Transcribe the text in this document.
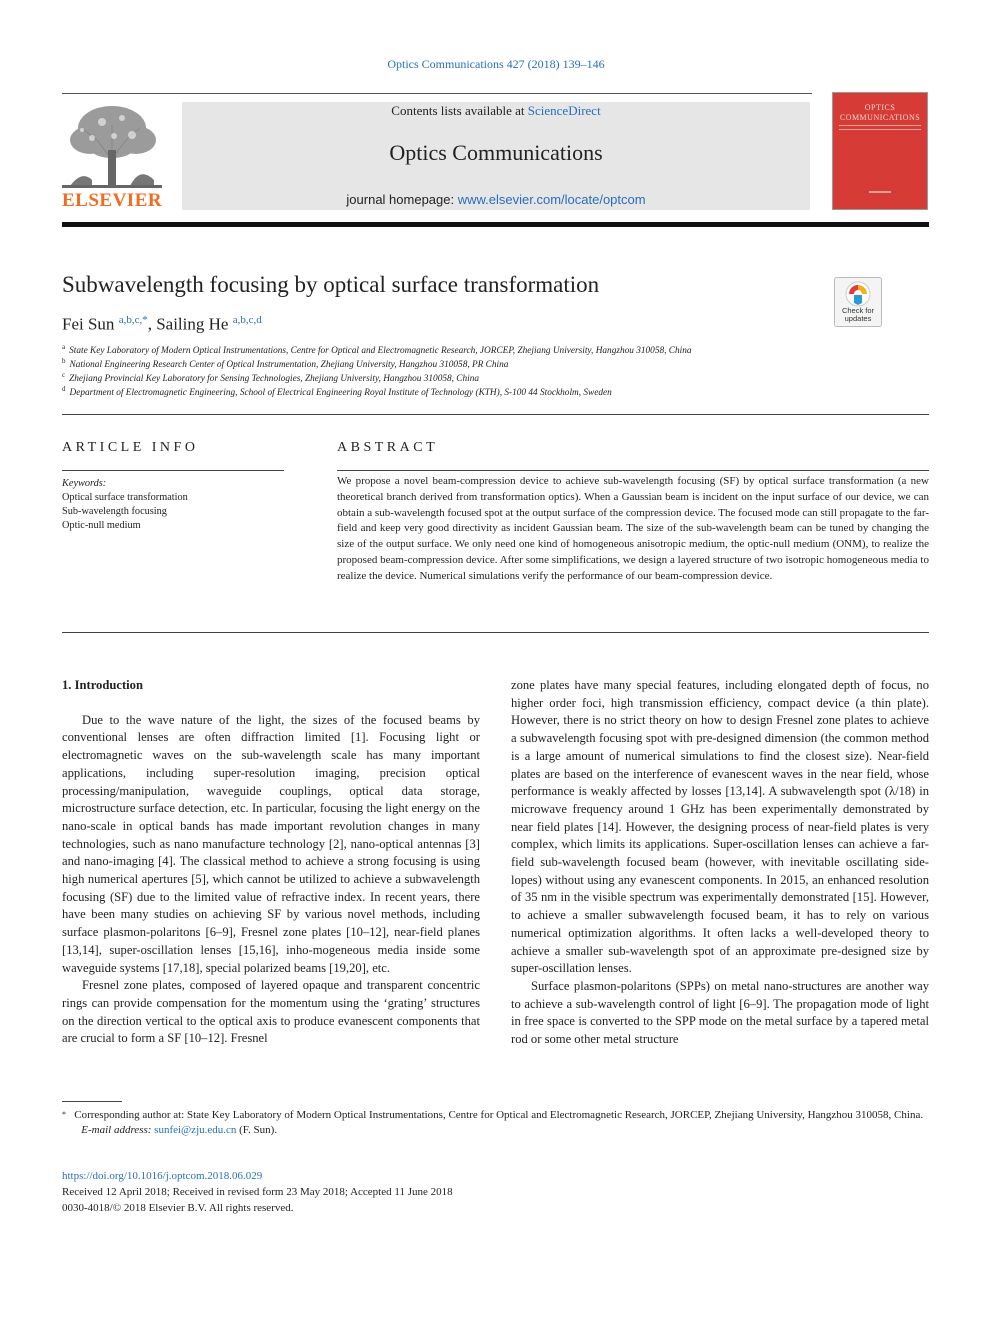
Optics Communications 427 (2018) 139–146
ELSEVIER
Contents lists available at ScienceDirect
Optics Communications
journal homepage: www.elsevier.com/locate/optcom
OPTICS COMMUNICATIONS
Subwavelength focusing by optical surface transformation
Check for updates
Fei Sun $^{a,b,c,*}$, Sailing He $^{a,b,c,d}$
$^a$ State Key Laboratory of Modern Optical Instrumentations, Centre for Optical and Electromagnetic Research, JORCEP, Zhejiang University, Hangzhou 310058, China
$^b$ National Engineering Research Center of Optical Instrumentation, Zhejiang University, Hangzhou 310058, PR China
$^c$ Zhejiang Provincial Key Laboratory for Sensing Technologies, Zhejiang University, Hangzhou 310058, China
$^d$ Department of Electromagnetic Engineering, School of Electrical Engineering Royal Institute of Technology (KTH), S-100 44 Stockholm, Sweden
ARTICLE INFO	ABSTRACT
Keywords:
Optical surface transformation
Sub-wavelength focusing
Optic-null medium
We propose a novel beam-compression device to achieve sub-wavelength focusing (SF) by optical surface transformation (a new theoretical branch derived from transformation optics). When a Gaussian beam is incident on the input surface of our device, we can obtain a sub-wavelength focused spot at the output surface of the compression device. The focused mode can still propagate to the far-field and keep very good directivity as incident Gaussian beam. The size of the sub-wavelength beam can be tuned by changing the size of the output surface. We only need one kind of homogeneous anisotropic medium, the optic-null medium (ONM), to realize the proposed beam-compression device. After some simplifications, we design a layered structure of two isotropic homogeneous media to realize the device. Numerical simulations verify the performance of our beam-compression device.

1. Introduction

Due to the wave nature of the light, the sizes of the focused beams by conventional lenses are often diffraction limited [1]. Focusing light or electromagnetic waves on the sub-wavelength scale has many important applications, including super-resolution imaging, precision optical processing/manipulation, waveguide couplings, optical data storage, microstructure surface detection, etc. In particular, focusing the light energy on the nano-scale in optical bands has made important revolution changes in many technologies, such as nano manufacture technology [2], nano-optical antennas [3] and nano-imaging [4]. The classical method to achieve a strong focusing is using high numerical apertures [5], which cannot be utilized to achieve a subwavelength focusing (SF) due to the limited value of refractive index. In recent years, there have been many studies on achieving SF by various novel methods, including surface plasmon-polaritons [6–9], Fresnel zone plates [10–12], near-field planes [13,14], super-oscillation lenses [15,16], inho-mogeneous media inside some waveguide systems [17,18], special polarized beams [19,20], etc.

Fresnel zone plates, composed of layered opaque and transparent concentric rings can provide compensation for the momentum using the ‘grating’ structures on the direction vertical to the optical axis to produce evanescent components that are crucial to form a SF [10–12]. Fresnel

zone plates have many special features, including elongated depth of focus, no higher order foci, high transmission efficiency, compact device (a thin plate). However, there is no strict theory on how to design Fresnel zone plates to achieve a subwavelength focusing spot with pre-designed dimension (the common method is a large amount of numerical simulations to find the closest size). Near-field plates are based on the interference of evanescent waves in the near field, whose performance is weakly affected by losses [13,14]. A subwavelength spot (λ/18) in microwave frequency around 1 GHz has been experimentally demonstrated by near field plates [14]. However, the designing process of near-field plates is very complex, which limits its applications. Super-oscillation lenses can achieve a far-field sub-wavelength focused beam (however, with inevitable oscillating side-lopes) without using any evanescent components. In 2015, an enhanced resolution of 35 nm in the visible spectrum was experimentally demonstrated [15]. However, to achieve a smaller subwavelength focused beam, it has to rely on various numerical optimization algorithms. It often lacks a well-developed theory to achieve a smaller sub-wavelength spot of an approximate pre-designed size by super-oscillation lenses.

Surface plasmon-polaritons (SPPs) on metal nano-structures are another way to achieve a sub-wavelength control of light [6–9]. The propagation mode of light in free space is converted to the SPP mode on the metal surface by a tapered metal rod or some other metal structure

* Corresponding author at: State Key Laboratory of Modern Optical Instrumentations, Centre for Optical and Electromagnetic Research, JORCEP, Zhejiang University, Hangzhou 310058, China.
E-mail address: sunfei@zju.edu.cn (F. Sun).
https://doi.org/10.1016/j.optcom.2018.06.029
Received 12 April 2018; Received in revised form 23 May 2018; Accepted 11 June 2018
0030-4018/© 2018 Elsevier B.V. All rights reserved.
